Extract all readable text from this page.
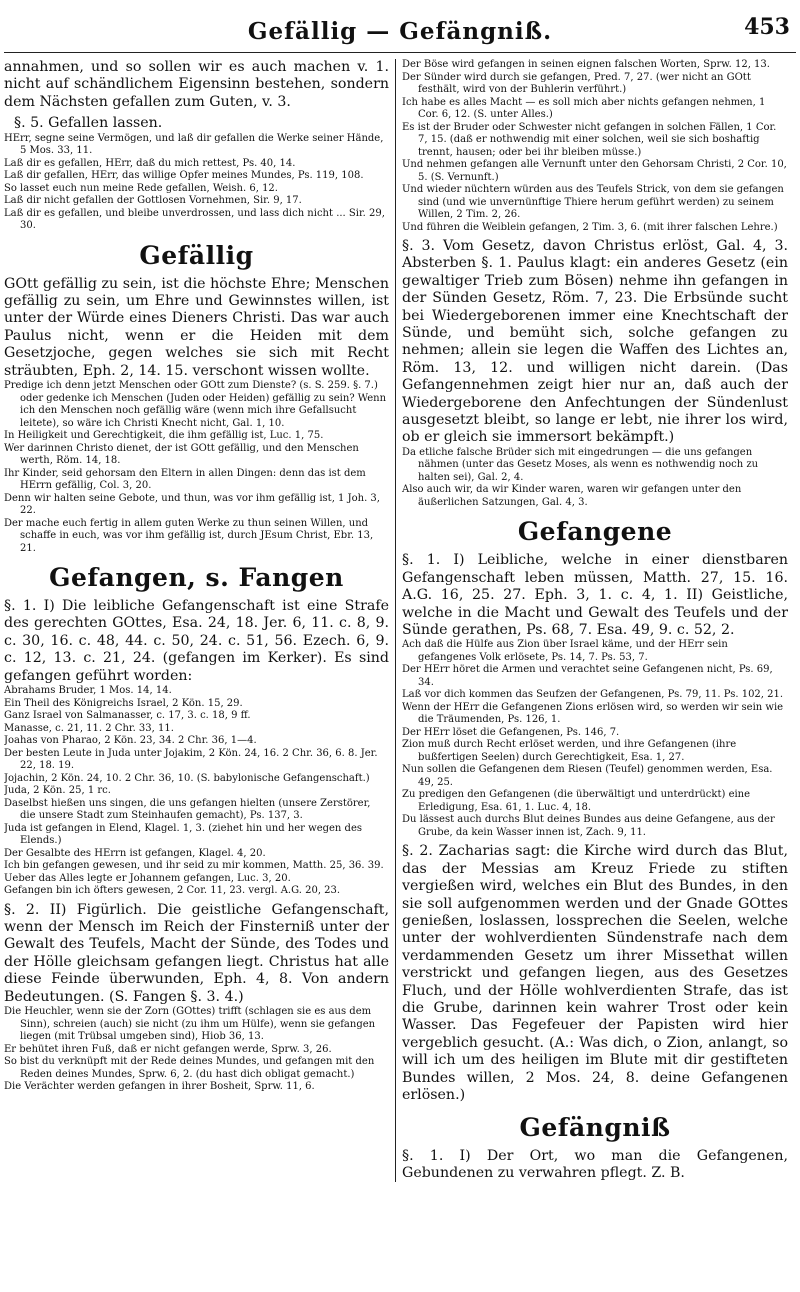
Gefällig — Gefängniß.	453

annahmen, und so sollen wir es auch machen v. 1. nicht auf schändlichem Eigensinn bestehen, sondern dem Nächsten gefallen zum Guten, v. 3.

§. 5. Gefallen lassen.

HErr, segne seine Vermögen, und laß dir gefallen die Werke seiner Hände, 5 Mos. 33, 11.

Laß dir es gefallen, HErr, daß du mich rettest, Ps. 40, 14.

Laß dir gefallen, HErr, das willige Opfer meines Mundes, Ps. 119, 108.

So lasset euch nun meine Rede gefallen, Weish. 6, 12.

Laß dir nicht gefallen der Gottlosen Vornehmen, Sir. 9, 17.

Laß dir es gefallen, und bleibe unverdrossen, und lass dich nicht ... Sir. 29, 30.

Gefällig

GOtt gefällig zu sein, ist die höchste Ehre; Menschen gefällig zu sein, um Ehre und Gewinnstes willen, ist unter der Würde eines Dieners Christi. Das war auch Paulus nicht, wenn er die Heiden mit dem Gesetzjoche, gegen welches sie sich mit Recht sträubten, Eph. 2, 14. 15. verschont wissen wollte.

Predige ich denn jetzt Menschen oder GOtt zum Dienste? (s. S. 259. §. 7.) oder gedenke ich Menschen (Juden oder Heiden) gefällig zu sein? Wenn ich den Menschen noch gefällig wäre (wenn mich ihre Gefallsucht leitete), so wäre ich Christi Knecht nicht, Gal. 1, 10.

In Heiligkeit und Gerechtigkeit, die ihm gefällig ist, Luc. 1, 75.

Wer darinnen Christo dienet, der ist GOtt gefällig, und den Menschen werth, Röm. 14, 18.

Ihr Kinder, seid gehorsam den Eltern in allen Dingen: denn das ist dem HErrn gefällig, Col. 3, 20.

Denn wir halten seine Gebote, und thun, was vor ihm gefällig ist, 1 Joh. 3, 22.

Der mache euch fertig in allem guten Werke zu thun seinen Willen, und schaffe in euch, was vor ihm gefällig ist, durch JEsum Christ, Ebr. 13, 21.

Gefangen, s. Fangen

§. 1. I) Die leibliche Gefangenschaft ist eine Strafe des gerechten GOttes, Esa. 24, 18. Jer. 6, 11. c. 8, 9. c. 30, 16. c. 48, 44. c. 50, 24. c. 51, 56. Ezech. 6, 9. c. 12, 13. c. 21, 24. (gefangen im Kerker). Es sind gefangen geführt worden:

Abrahams Bruder, 1 Mos. 14, 14.

Ein Theil des Königreichs Israel, 2 Kön. 15, 29.

Ganz Israel von Salmanasser, c. 17, 3. c. 18, 9 ff.

Manasse, c. 21, 11. 2 Chr. 33, 11.

Joahas von Pharao, 2 Kön. 23, 34. 2 Chr. 36, 1—4.

Der besten Leute in Juda unter Jojakim, 2 Kön. 24, 16. 2 Chr. 36, 6. 8. Jer. 22, 18. 19.

Jojachin, 2 Kön. 24, 10. 2 Chr. 36, 10. (S. babylonische Gefangenschaft.)

Juda, 2 Kön. 25, 1 rc.

Daselbst hießen uns singen, die uns gefangen hielten (unsere Zerstörer, die unsere Stadt zum Steinhaufen gemacht), Ps. 137, 3.

Juda ist gefangen in Elend, Klagel. 1, 3. (ziehet hin und her wegen des Elends.)

Der Gesalbte des HErrn ist gefangen, Klagel. 4, 20.

Ich bin gefangen gewesen, und ihr seid zu mir kommen, Matth. 25, 36. 39.

Ueber das Alles legte er Johannem gefangen, Luc. 3, 20.

Gefangen bin ich öfters gewesen, 2 Cor. 11, 23. vergl. A.G. 20, 23.

§. 2. II) Figürlich. Die geistliche Gefangenschaft, wenn der Mensch im Reich der Finsterniß unter der Gewalt des Teufels, Macht der Sünde, des Todes und der Hölle gleichsam gefangen liegt. Christus hat alle diese Feinde überwunden, Eph. 4, 8. Von andern Bedeutungen. (S. Fangen §. 3. 4.)

Die Heuchler, wenn sie der Zorn (GOttes) trifft (schlagen sie es aus dem Sinn), schreien (auch) sie nicht (zu ihm um Hülfe), wenn sie gefangen liegen (mit Trübsal umgeben sind), Hiob 36, 13.

Er behütet ihren Fuß, daß er nicht gefangen werde, Sprw. 3, 26.

So bist du verknüpft mit der Rede deines Mundes, und gefangen mit den Reden deines Mundes, Sprw. 6, 2. (du hast dich obligat gemacht.)

Die Verächter werden gefangen in ihrer Bosheit, Sprw. 11, 6.

Der Böse wird gefangen in seinen eignen falschen Worten, Sprw. 12, 13.

Der Sünder wird durch sie gefangen, Pred. 7, 27. (wer nicht an GOtt festhält, wird von der Buhlerin verführt.)

Ich habe es alles Macht — es soll mich aber nichts gefangen nehmen, 1 Cor. 6, 12. (S. unter Alles.)

Es ist der Bruder oder Schwester nicht gefangen in solchen Fällen, 1 Cor. 7, 15. (daß er nothwendig mit einer solchen, weil sie sich boshaftig trennt, hausen; oder bei ihr bleiben müsse.)

Und nehmen gefangen alle Vernunft unter den Gehorsam Christi, 2 Cor. 10, 5. (S. Vernunft.)

Und wieder nüchtern würden aus des Teufels Strick, von dem sie gefangen sind (und wie unvernünftige Thiere herum geführt werden) zu seinem Willen, 2 Tim. 2, 26.

Und führen die Weiblein gefangen, 2 Tim. 3, 6. (mit ihrer falschen Lehre.)

§. 3. Vom Gesetz, davon Christus erlöst, Gal. 4, 3. Absterben §. 1. Paulus klagt: ein anderes Gesetz (ein gewaltiger Trieb zum Bösen) nehme ihn gefangen in der Sünden Gesetz, Röm. 7, 23. Die Erbsünde sucht bei Wiedergeborenen immer eine Knechtschaft der Sünde, und bemüht sich, solche gefangen zu nehmen; allein sie legen die Waffen des Lichtes an, Röm. 13, 12. und willigen nicht darein. (Das Gefangennehmen zeigt hier nur an, daß auch der Wiedergeborene den Anfechtungen der Sündenlust ausgesetzt bleibt, so lange er lebt, nie ihrer los wird, ob er gleich sie immersort bekämpft.)

Da etliche falsche Brüder sich mit eingedrungen — die uns gefangen nähmen (unter das Gesetz Moses, als wenn es nothwendig noch zu halten sei), Gal. 2, 4.

Also auch wir, da wir Kinder waren, waren wir gefangen unter den äußerlichen Satzungen, Gal. 4, 3.

Gefangene

§. 1. I) Leibliche, welche in einer dienstbaren Gefangenschaft leben müssen, Matth. 27, 15. 16. A.G. 16, 25. 27. Eph. 3, 1. c. 4, 1. II) Geistliche, welche in die Macht und Gewalt des Teufels und der Sünde gerathen, Ps. 68, 7. Esa. 49, 9. c. 52, 2.

Ach daß die Hülfe aus Zion über Israel käme, und der HErr sein gefangenes Volk erlösete, Ps. 14, 7. Ps. 53, 7.

Der HErr höret die Armen und verachtet seine Gefangenen nicht, Ps. 69, 34.

Laß vor dich kommen das Seufzen der Gefangenen, Ps. 79, 11. Ps. 102, 21.

Wenn der HErr die Gefangenen Zions erlösen wird, so werden wir sein wie die Träumenden, Ps. 126, 1.

Der HErr löset die Gefangenen, Ps. 146, 7.

Zion muß durch Recht erlöset werden, und ihre Gefangenen (ihre bußfertigen Seelen) durch Gerechtigkeit, Esa. 1, 27.

Nun sollen die Gefangenen dem Riesen (Teufel) genommen werden, Esa. 49, 25.

Zu predigen den Gefangenen (die überwältigt und unterdrückt) eine Erledigung, Esa. 61, 1. Luc. 4, 18.

Du lässest auch durchs Blut deines Bundes aus deine Gefangene, aus der Grube, da kein Wasser innen ist, Zach. 9, 11.

§. 2. Zacharias sagt: die Kirche wird durch das Blut, das der Messias am Kreuz Friede zu stiften vergießen wird, welches ein Blut des Bundes, in den sie soll aufgenommen werden und der Gnade GOttes genießen, loslassen, lossprechen die Seelen, welche unter der wohlverdienten Sündenstrafe nach dem verdammenden Gesetz um ihrer Missethat willen verstrickt und gefangen liegen, aus des Gesetzes Fluch, und der Hölle wohlverdienten Strafe, das ist die Grube, darinnen kein wahrer Trost oder kein Wasser. Das Fegefeuer der Papisten wird hier vergeblich gesucht. (A.: Was dich, o Zion, anlangt, so will ich um des heiligen im Blute mit dir gestifteten Bundes willen, 2 Mos. 24, 8. deine Gefangenen erlösen.)

Gefängniß

§. 1. I) Der Ort, wo man die Gefangenen, Gebundenen zu verwahren pflegt. Z. B.
